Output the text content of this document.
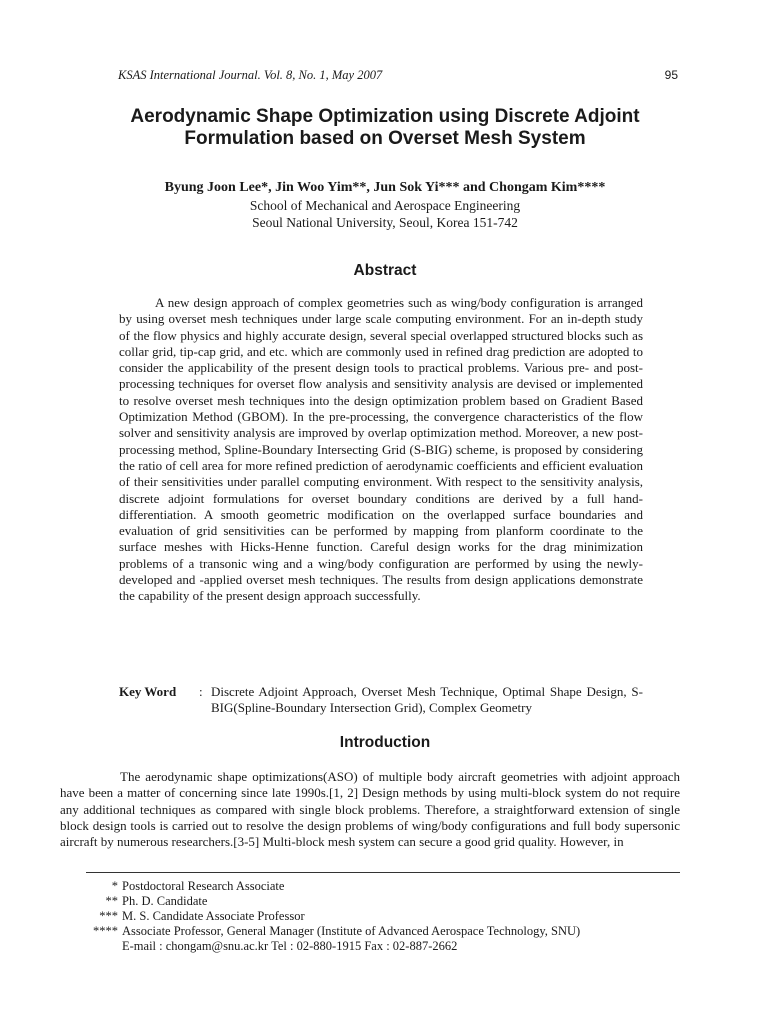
KSAS International Journal. Vol. 8, No. 1, May 2007	95
Aerodynamic Shape Optimization using Discrete Adjoint
Formulation based on Overset Mesh System

Byung Joon Lee*, Jin Woo Yim**, Jun Sok Yi*** and Chongam Kim****

School of Mechanical and Aerospace Engineering

Seoul National University, Seoul, Korea 151-742

Abstract

A new design approach of complex geometries such as wing/body configuration is arranged by using overset mesh techniques under large scale computing environment. For an in-depth study of the flow physics and highly accurate design, several special overlapped structured blocks such as collar grid, tip-cap grid, and etc. which are commonly used in refined drag prediction are adopted to consider the applicability of the present design tools to practical problems. Various pre- and post-processing techniques for overset flow analysis and sensitivity analysis are devised or implemented to resolve overset mesh techniques into the design optimization problem based on Gradient Based Optimization Method (GBOM). In the pre-processing, the convergence characteristics of the flow solver and sensitivity analysis are improved by overlap optimization method. Moreover, a new post-processing method, Spline-Boundary Intersecting Grid (S-BIG) scheme, is proposed by considering the ratio of cell area for more refined prediction of aerodynamic coefficients and efficient evaluation of their sensitivities under parallel computing environment. With respect to the sensitivity analysis, discrete adjoint formulations for overset boundary conditions are derived by a full hand-differentiation. A smooth geometric modification on the overlapped surface boundaries and evaluation of grid sensitivities can be performed by mapping from planform coordinate to the surface meshes with Hicks-Henne function. Careful design works for the drag minimization problems of a transonic wing and a wing/body configuration are performed by using the newly-developed and -applied overset mesh techniques. The results from design applications demonstrate the capability of the present design approach successfully.

Key Word : Discrete Adjoint Approach, Overset Mesh Technique, Optimal Shape Design, S-BIG(Spline-Boundary Intersection Grid), Complex Geometry
Introduction

The aerodynamic shape optimizations(ASO) of multiple body aircraft geometries with adjoint approach have been a matter of concerning since late 1990s.[1, 2] Design methods by using multi-block system do not require any additional techniques as compared with single block problems. Therefore, a straightforward extension of single block design tools is carried out to resolve the design problems of wing/body configurations and full body supersonic aircraft by numerous researchers.[3-5] Multi-block mesh system can secure a good grid quality. However, in

* Postdoctoral Research Associate
** Ph. D. Candidate
*** M. S. Candidate Associate Professor
**** Associate Professor, General Manager (Institute of Advanced Aerospace Technology, SNU)
E-mail : chongam@snu.ac.kr Tel : 02-880-1915 Fax : 02-887-2662
